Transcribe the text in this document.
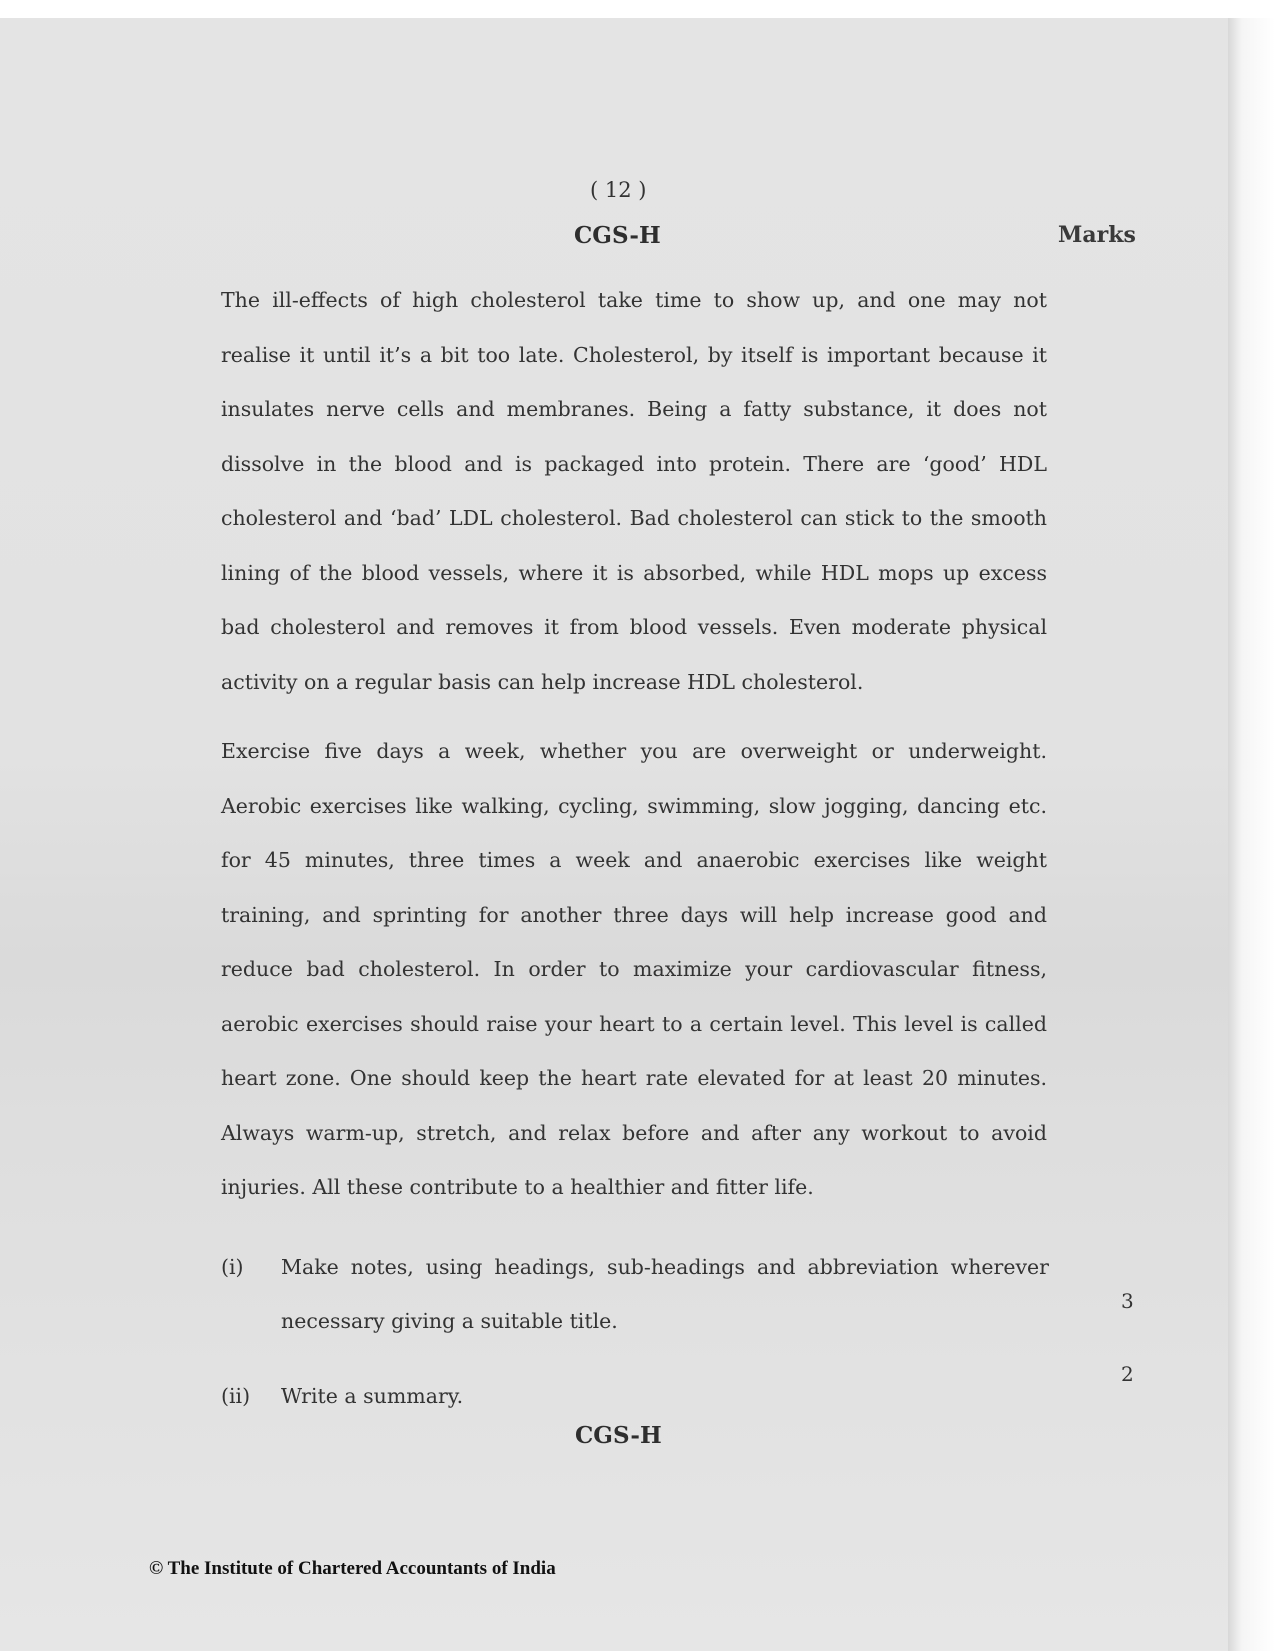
( 12 )
CGS-H	Marks

The ill-effects of high cholesterol take time to show up, and one may not realise it until it’s a bit too late. Cholesterol, by itself is important because it insulates nerve cells and membranes. Being a fatty substance, it does not dissolve in the blood and is packaged into protein. There are ‘good’ HDL cholesterol and ‘bad’ LDL cholesterol. Bad cholesterol can stick to the smooth lining of the blood vessels, where it is absorbed, while HDL mops up excess bad cholesterol and removes it from blood vessels. Even moderate physical activity on a regular basis can help increase HDL cholesterol.

Exercise five days a week, whether you are overweight or underweight. Aerobic exercises like walking, cycling, swimming, slow jogging, dancing etc. for 45 minutes, three times a week and anaerobic exercises like weight training, and sprinting for another three days will help increase good and reduce bad cholesterol. In order to maximize your cardiovascular fitness, aerobic exercises should raise your heart to a certain level. This level is called heart zone. One should keep the heart rate elevated for at least 20 minutes. Always warm-up, stretch, and relax before and after any workout to avoid injuries. All these contribute to a healthier and fitter life.

(i) Make notes, using headings, sub-headings and abbreviation wherever necessary giving a suitable title.
3
(ii) Write a summary.
2
CGS-H
© The Institute of Chartered Accountants of India
